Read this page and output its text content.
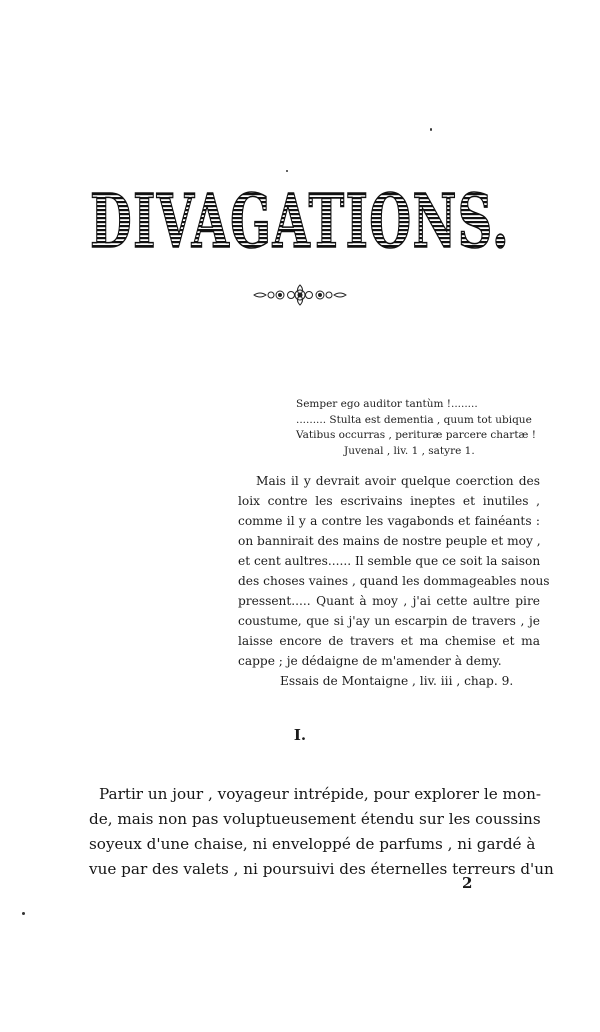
DIVAGATIONS.
Semper ego auditor tantùm !........
......... Stulta est dementia , quum tot ubique
Vatibus occurras , perituræ parcere chartæ !
Juvenal , liv. 1 , satyre 1.
Mais il y devrait avoir quelque coerction des
loix contre les escrivains ineptes et inutiles ,
comme il y a contre les vagabonds et fainéants :
on bannirait des mains de nostre peuple et moy ,
et cent aultres...... Il semble que ce soit la saison
des choses vaines , quand les dommageables nous
pressent..... Quant à moy , j'ai cette aultre pire
coustume, que si j'ay un escarpin de travers , je
laisse encore de travers et ma chemise et ma
cappe ; je dédaigne de m'amender à demy.
Essais de Montaigne , liv. iii , chap. 9.
I.
Partir un jour , voyageur intrépide, pour explorer le mon-
de, mais non pas voluptueusement étendu sur les coussins
soyeux d'une chaise, ni enveloppé de parfums , ni gardé à
vue par des valets , ni poursuivi des éternelles terreurs d'un
2
